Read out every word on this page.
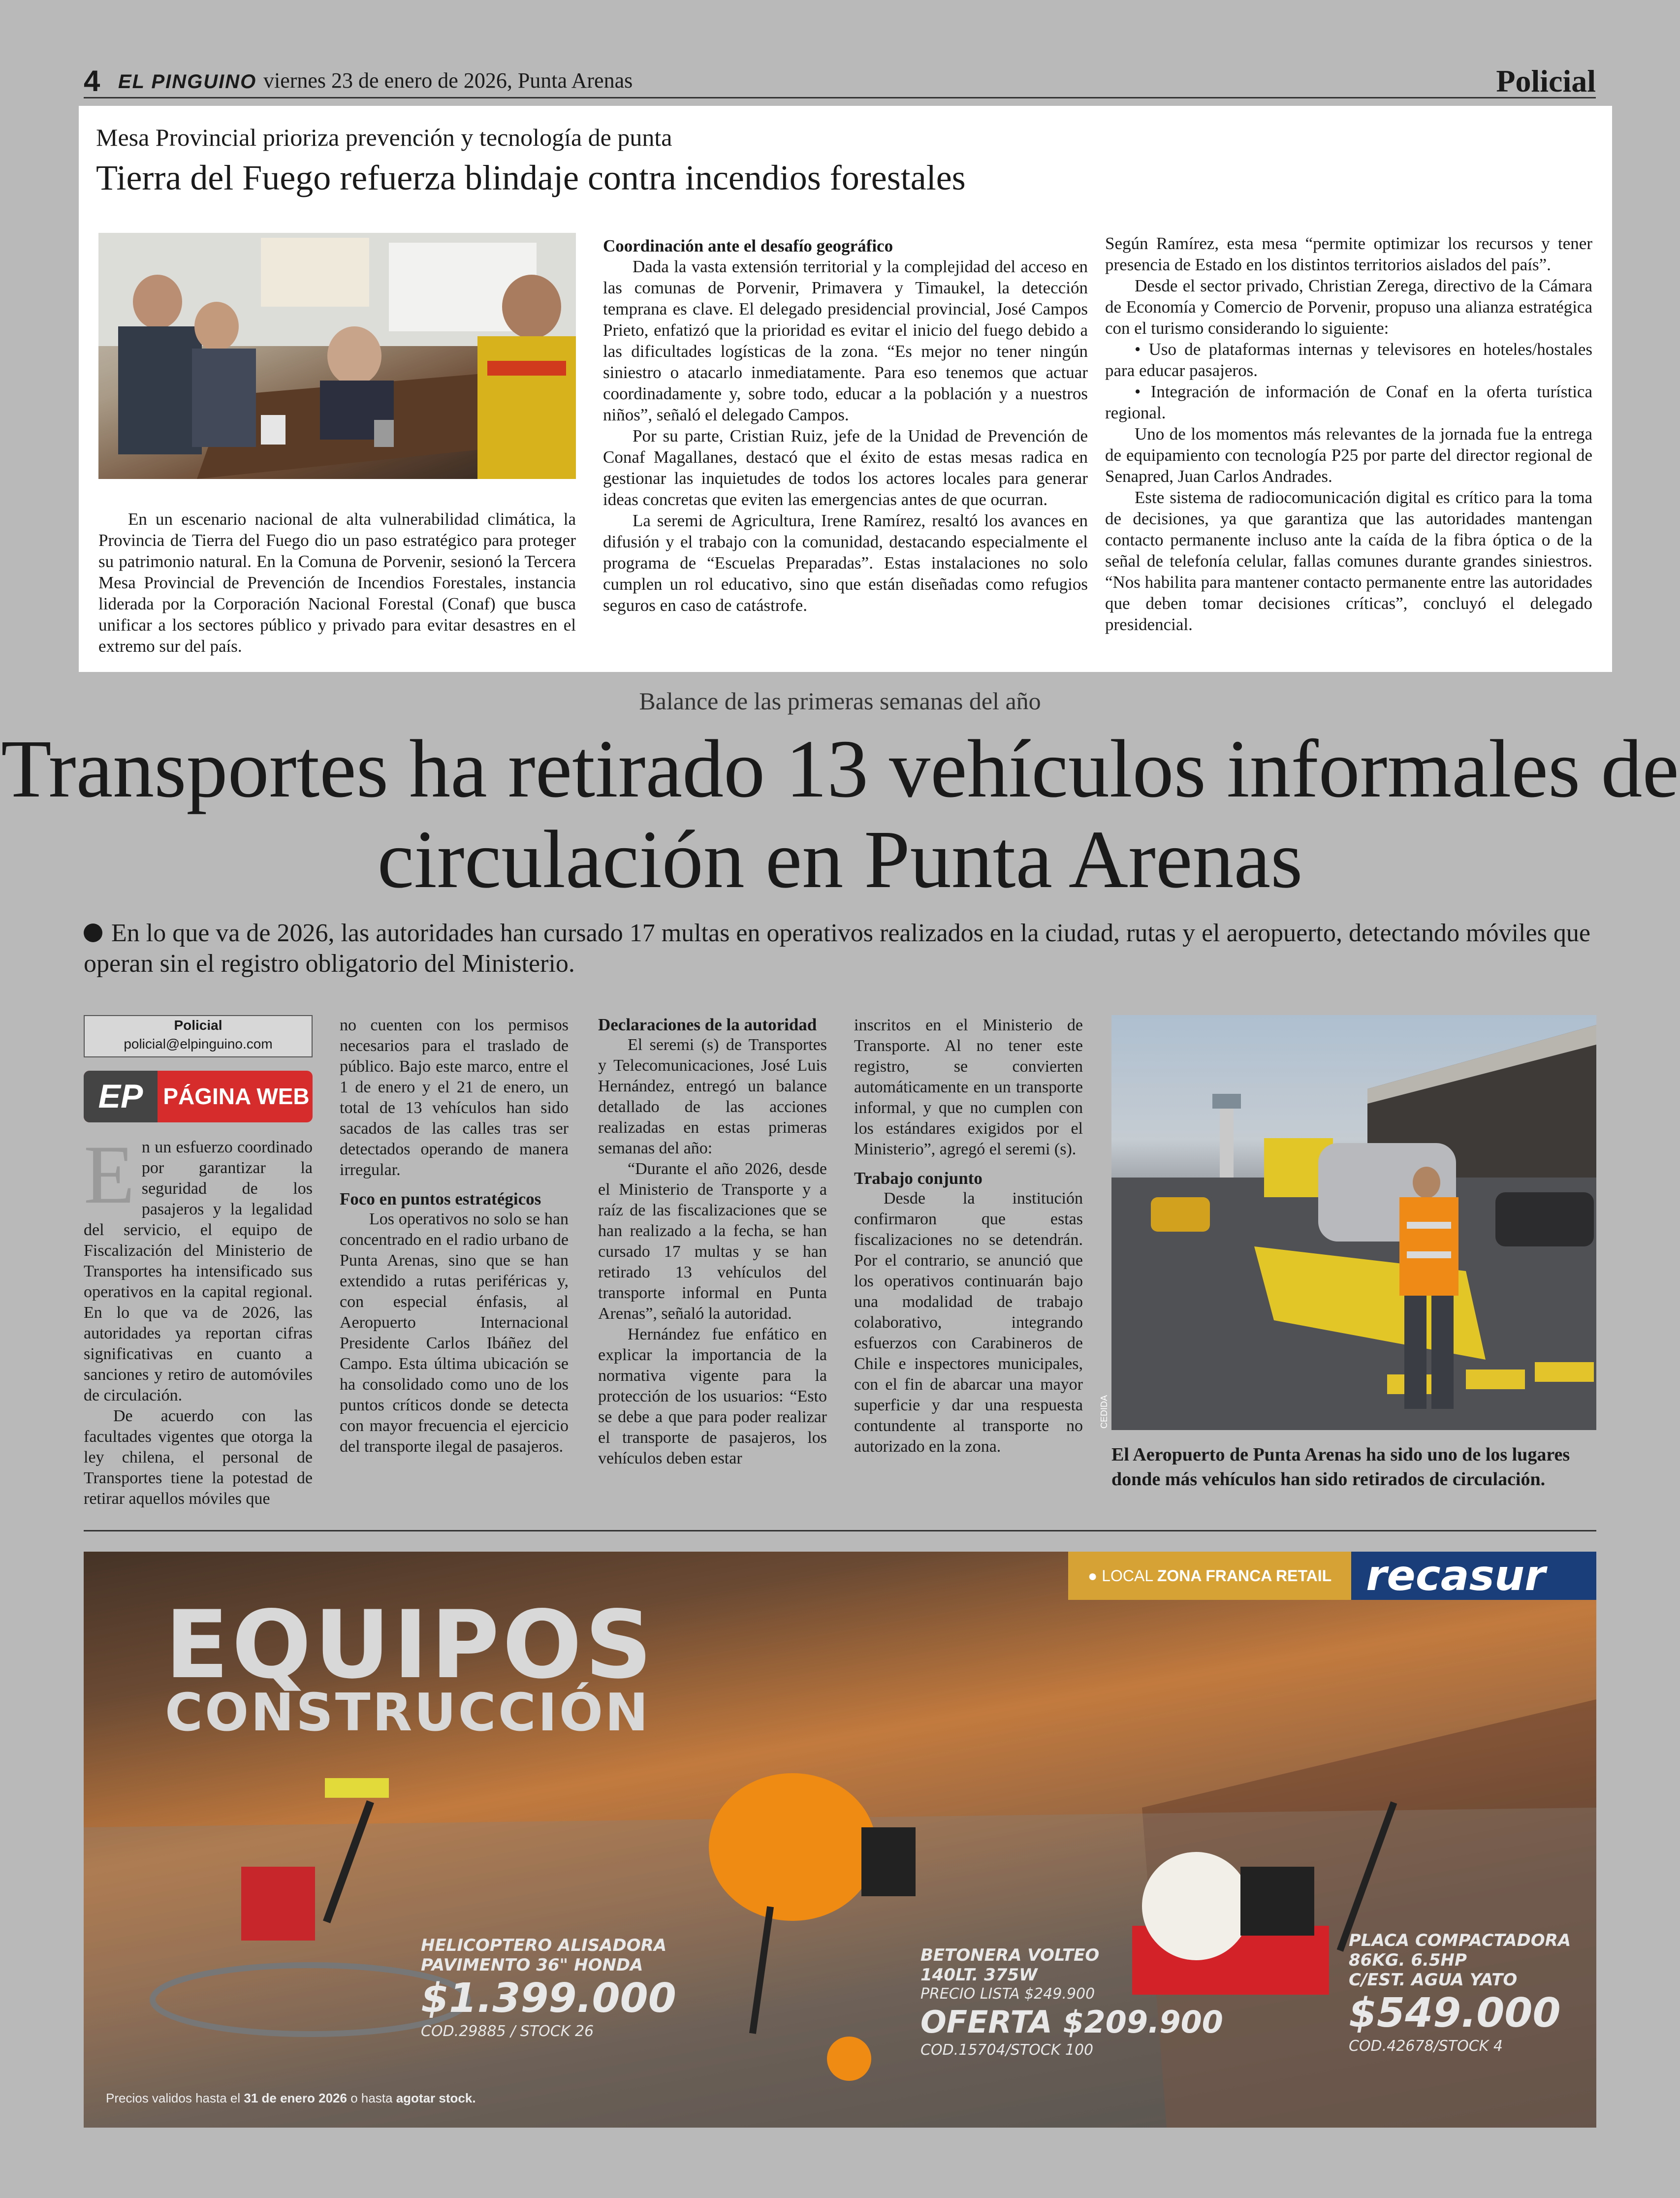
4 EL PINGUINO viernes 23 de enero de 2026, Punta Arenas	Policial
Mesa Provincial prioriza prevención y tecnología de punta
Tierra del Fuego refuerza blindaje contra incendios forestales

En un escenario nacional de alta vulnerabilidad climática, la Provincia de Tierra del Fuego dio un paso estratégico para proteger su patrimonio natural. En la Comuna de Porvenir, sesionó la Tercera Mesa Provincial de Prevención de Incendios Forestales, instancia liderada por la Corporación Nacional Forestal (Conaf) que busca unificar a los sectores público y privado para evitar desastres en el extremo sur del país.

Coordinación ante el desafío geográfico

Dada la vasta extensión territorial y la complejidad del acceso en las comunas de Porvenir, Primavera y Timaukel, la detección temprana es clave. El delegado presidencial provincial, José Campos Prieto, enfatizó que la prioridad es evitar el inicio del fuego debido a las dificultades logísticas de la zona. “Es mejor no tener ningún siniestro o atacarlo inmediatamente. Para eso tenemos que actuar coordinadamente y, sobre todo, educar a la población y a nuestros niños”, señaló el delegado Campos.

Por su parte, Cristian Ruiz, jefe de la Unidad de Prevención de Conaf Magallanes, destacó que el éxito de estas mesas radica en gestionar las inquietudes de todos los actores locales para generar ideas concretas que eviten las emergencias antes de que ocurran.

La seremi de Agricultura, Irene Ramírez, resaltó los avances en difusión y el trabajo con la comunidad, destacando especialmente el programa de “Escuelas Preparadas”. Estas instalaciones no solo cumplen un rol educativo, sino que están diseñadas como refugios seguros en caso de catástrofe.

Según Ramírez, esta mesa “permite optimizar los recursos y tener presencia de Estado en los distintos territorios aislados del país”.

Desde el sector privado, Christian Zerega, directivo de la Cámara de Economía y Comercio de Porvenir, propuso una alianza estratégica con el turismo considerando lo siguiente:

• Uso de plataformas internas y televisores en hoteles/hostales para educar pasajeros.

• Integración de información de Conaf en la oferta turística regional.

Uno de los momentos más relevantes de la jornada fue la entrega de equipamiento con tecnología P25 por parte del director regional de Senapred, Juan Carlos Andrades.

Este sistema de radiocomunicación digital es crítico para la toma de decisiones, ya que garantiza que las autoridades mantengan contacto permanente incluso ante la caída de la fibra óptica o de la señal de telefonía celular, fallas comunes durante grandes siniestros. “Nos habilita para mantener contacto permanente entre las autoridades que deben tomar decisiones críticas”, concluyó el delegado presidencial.

Balance de las primeras semanas del año
Transportes ha retirado 13 vehículos informales de circulación en Punta Arenas
En lo que va de 2026, las autoridades han cursado 17 multas en operativos realizados en la ciudad, rutas y el aeropuerto, detectando móviles que operan sin el registro obligatorio del Ministerio.
Policial
policial@elpinguino.com
EP PÁGINA WEB

En un esfuerzo coordinado por garantizar la seguridad de los pasajeros y la legalidad del servicio, el equipo de Fiscalización del Ministerio de Transportes ha intensificado sus operativos en la capital regional. En lo que va de 2026, las autoridades ya reportan cifras significativas en cuanto a sanciones y retiro de automóviles de circulación.

De acuerdo con las facultades vigentes que otorga la ley chilena, el personal de Transportes tiene la potestad de retirar aquellos móviles que

no cuenten con los permisos necesarios para el traslado de público. Bajo este marco, entre el 1 de enero y el 21 de enero, un total de 13 vehículos han sido sacados de las calles tras ser detectados operando de manera irregular.

Foco en puntos estratégicos

Los operativos no solo se han concentrado en el radio urbano de Punta Arenas, sino que se han extendido a rutas periféricas y, con especial énfasis, al Aeropuerto Internacional Presidente Carlos Ibáñez del Campo. Esta última ubicación se ha consolidado como uno de los puntos críticos donde se detecta con mayor frecuencia el ejercicio del transporte ilegal de pasajeros.

Declaraciones de la autoridad

El seremi (s) de Transportes y Telecomunicaciones, José Luis Hernández, entregó un balance detallado de las acciones realizadas en estas primeras semanas del año:

“Durante el año 2026, desde el Ministerio de Transporte y a raíz de las fiscalizaciones que se han realizado a la fecha, se han cursado 17 multas y se han retirado 13 vehículos del transporte informal en Punta Arenas”, señaló la autoridad.

Hernández fue enfático en explicar la importancia de la normativa vigente para la protección de los usuarios: “Esto se debe a que para poder realizar el transporte de pasajeros, los vehículos deben estar

inscritos en el Ministerio de Transporte. Al no tener este registro, se convierten automáticamente en un transporte informal, y que no cumplen con los estándares exigidos por el Ministerio”, agregó el seremi (s).

Trabajo conjunto

Desde la institución confirmaron que estas fiscalizaciones no se detendrán. Por el contrario, se anunció que los operativos continuarán bajo una modalidad de trabajo colaborativo, integrando esfuerzos con Carabineros de Chile e inspectores municipales, con el fin de abarcar una mayor superficie y dar una respuesta contundente al transporte no autorizado en la zona.

CEDIDA
El Aeropuerto de Punta Arenas ha sido uno de los lugares donde más vehículos han sido retirados de circulación.
EQUIPOS
CONSTRUCCIÓN
● LOCAL ZONA FRANCA RETAIL recasur
HELICOPTERO ALISADORA
PAVIMENTO 36" HONDA
$1.399.000
COD.29885 / STOCK 26
BETONERA VOLTEO
140LT. 375W
PRECIO LISTA $249.900
OFERTA $209.900
COD.15704/STOCK 100
PLACA COMPACTADORA
86KG. 6.5HP
C/EST. AGUA YATO
$549.000
COD.42678/STOCK 4
Precios validos hasta el 31 de enero 2026 o hasta agotar stock.
